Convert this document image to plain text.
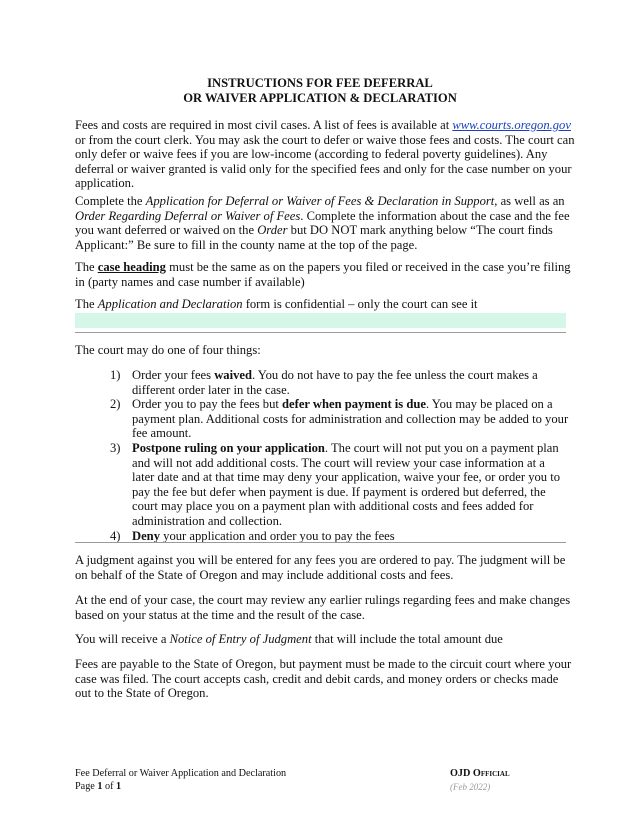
INSTRUCTIONS FOR FEE DEFERRAL
OR WAIVER APPLICATION & DECLARATION

Fees and costs are required in most civil cases. A list of fees is available at www.courts.oregon.gov or from the court clerk. You may ask the court to defer or waive those fees and costs. The court can only defer or waive fees if you are low-income (according to federal poverty guidelines). Any deferral or waiver granted is valid only for the specified fees and only for the case number on your application.

Complete the Application for Deferral or Waiver of Fees & Declaration in Support, as well as an Order Regarding Deferral or Waiver of Fees. Complete the information about the case and the fee you want deferred or waived on the Order but DO NOT mark anything below “The court finds Applicant:” Be sure to fill in the county name at the top of the page.

The case heading must be the same as on the papers you filed or received in the case you’re filing in (party names and case number if available)

The Application and Declaration form is confidential – only the court can see it

The court may do one of four things:

1) Order your fees waived. You do not have to pay the fee unless the court makes a different order later in the case.
2) Order you to pay the fees but defer when payment is due. You may be placed on a payment plan. Additional costs for administration and collection may be added to your fee amount.
3) Postpone ruling on your application. The court will not put you on a payment plan and will not add additional costs. The court will review your case information at a later date and at that time may deny your application, waive your fee, or order you to pay the fee but defer when payment is due. If payment is ordered but deferred, the court may place you on a payment plan with additional costs and fees added for administration and collection.
4) Deny your application and order you to pay the fees

A judgment against you will be entered for any fees you are ordered to pay. The judgment will be on behalf of the State of Oregon and may include additional costs and fees.

At the end of your case, the court may review any earlier rulings regarding fees and make changes based on your status at the time and the result of the case.

You will receive a Notice of Entry of Judgment that will include the total amount due

Fees are payable to the State of Oregon, but payment must be made to the circuit court where your case was filed. The court accepts cash, credit and debit cards, and money orders or checks made out to the State of Oregon.

Fee Deferral or Waiver Application and Declaration
Page 1 of 1
OJD Official
(Feb 2022)
